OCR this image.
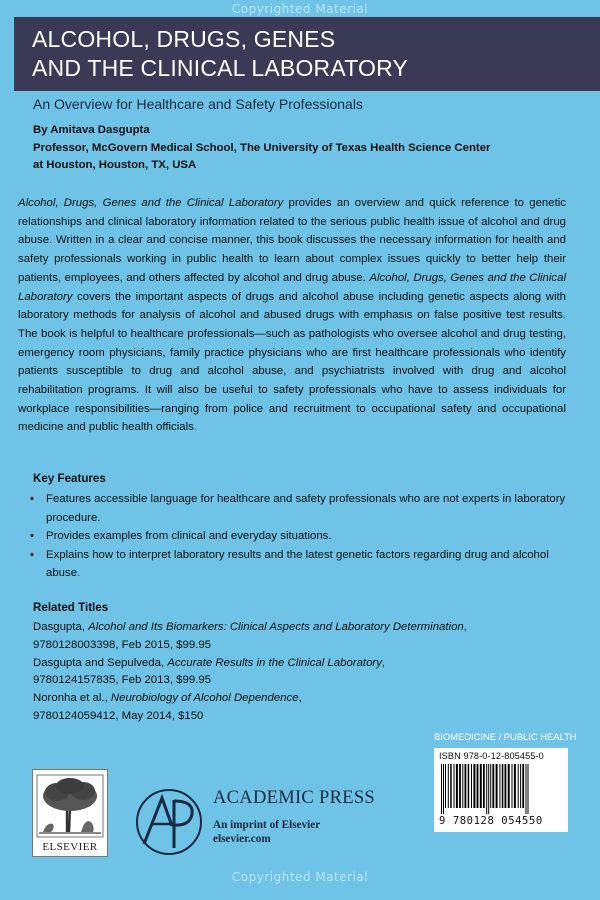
Copyrighted Material
ALCOHOL, DRUGS, GENES
AND THE CLINICAL LABORATORY
An Overview for Healthcare and Safety Professionals
By Amitava Dasgupta
Professor, McGovern Medical School, The University of Texas Health Science Center
at Houston, Houston, TX, USA

Alcohol, Drugs, Genes and the Clinical Laboratory provides an overview and quick reference to genetic relationships and clinical laboratory information related to the serious public health issue of alcohol and drug abuse. Written in a clear and concise manner, this book discusses the necessary information for health and safety professionals working in public health to learn about complex issues quickly to better help their patients, employees, and others affected by alcohol and drug abuse. Alcohol, Drugs, Genes and the Clinical Laboratory covers the important aspects of drugs and alcohol abuse including genetic aspects along with laboratory methods for analysis of alcohol and abused drugs with emphasis on false positive test results. The book is helpful to healthcare professionals—such as pathologists who oversee alcohol and drug testing, emergency room physicians, family practice physicians who are first healthcare professionals who identify patients susceptible to drug and alcohol abuse, and psychiatrists involved with drug and alcohol rehabilitation programs. It will also be useful to safety professionals who have to assess individuals for workplace responsibilities—ranging from police and recruitment to occupational safety and occupational medicine and public health officials.

Key Features
• Features accessible language for healthcare and safety professionals who are not experts in laboratory procedure.
• Provides examples from clinical and everyday situations.
• Explains how to interpret laboratory results and the latest genetic factors regarding drug and alcohol abuse.
Related Titles
Dasgupta, Alcohol and Its Biomarkers: Clinical Aspects and Laboratory Determination,
9780128003398, Feb 2015, $99.95
Dasgupta and Sepulveda, Accurate Results in the Clinical Laboratory,
9780124157835, Feb 2013, $99.95
Noronha et al., Neurobiology of Alcohol Dependence,
9780124059412, May 2014, $150
BIOMEDICINE / PUBLIC HEALTH
ISBN 978-0-12-805455-0
9 780128 054550
ELSEVIER
ACADEMIC PRESS
An imprint of Elsevier
elsevier.com
Copyrighted Material
